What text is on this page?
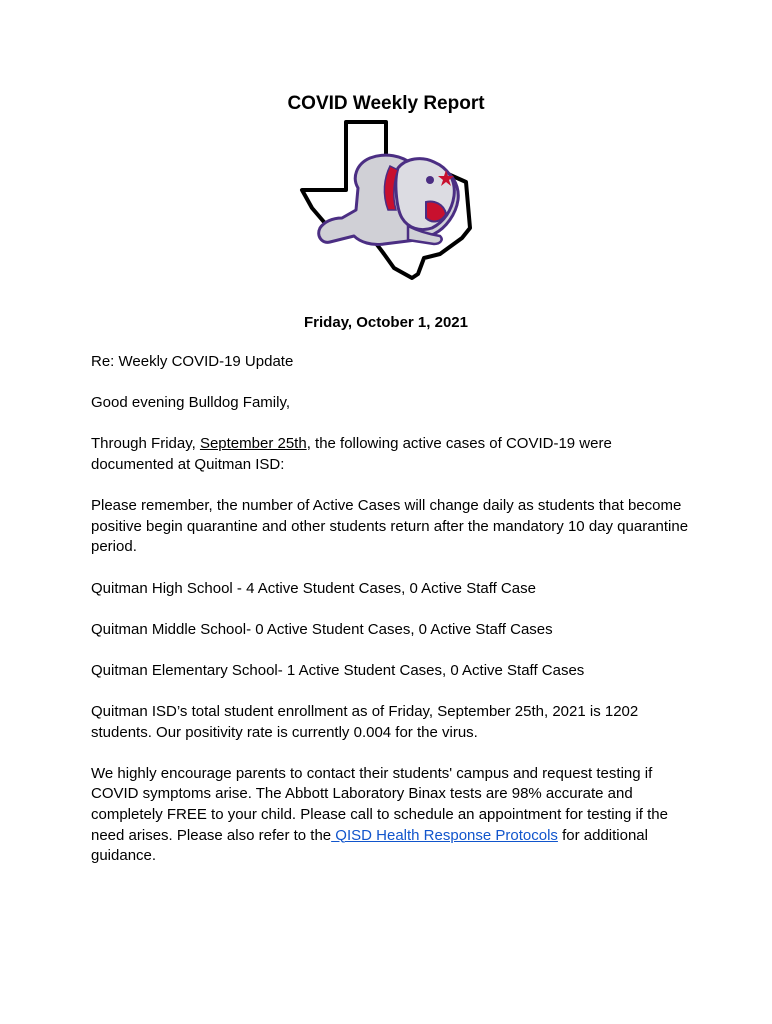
COVID Weekly Report
Friday, October 1, 2021

Re: Weekly COVID-19 Update

Good evening Bulldog Family,

Through Friday, September 25th, the following active cases of COVID-19 were documented at Quitman ISD:

Please remember, the number of Active Cases will change daily as students that become positive begin quarantine and other students return after the mandatory 10 day quarantine period.

Quitman High School - 4 Active Student Cases, 0 Active Staff Case

Quitman Middle School- 0 Active Student Cases, 0 Active Staff Cases

Quitman Elementary School- 1 Active Student Cases, 0 Active Staff Cases

Quitman ISD’s total student enrollment as of Friday, September 25th, 2021 is 1202 students. Our positivity rate is currently 0.004 for the virus.

We highly encourage parents to contact their students' campus and request testing if COVID symptoms arise. The Abbott Laboratory Binax tests are 98% accurate and completely FREE to your child. Please call to schedule an appointment for testing if the need arises. Please also refer to the QISD Health Response Protocols for additional guidance.
